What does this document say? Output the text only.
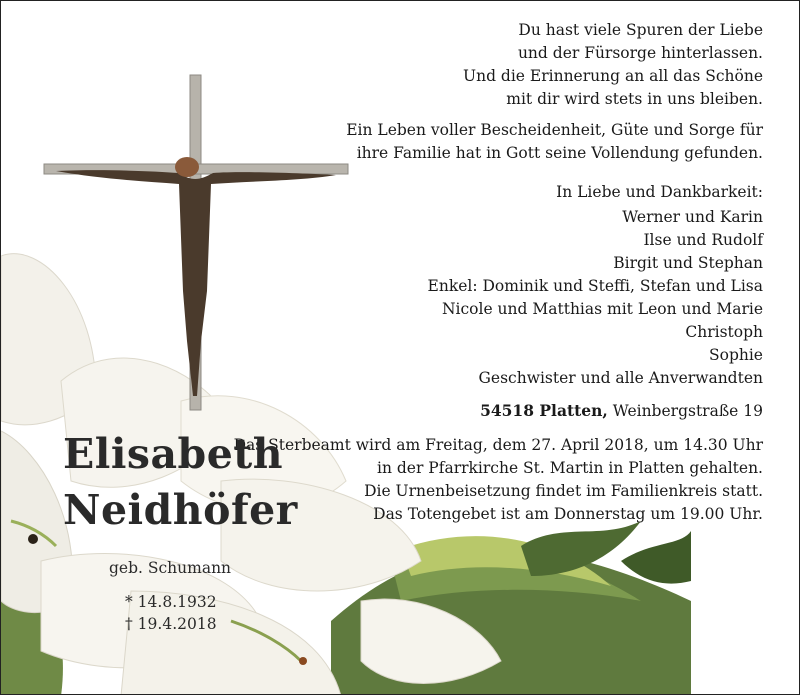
Du hast viele Spuren der Liebe
und der Fürsorge hinterlassen.
Und die Erinnerung an all das Schöne
mit dir wird stets in uns bleiben.
Ein Leben voller Bescheidenheit, Güte und Sorge für
ihre Familie hat in Gott seine Vollendung gefunden.
In Liebe und Dankbarkeit:
Werner und Karin
Ilse und Rudolf
Birgit und Stephan
Enkel: Dominik und Steffi, Stefan und Lisa
Nicole und Matthias mit Leon und Marie
Christoph
Sophie
Geschwister und alle Anverwandten
54518 Platten, Weinbergstraße 19
Das Sterbeamt wird am Freitag, dem 27. April 2018, um 14.30 Uhr
in der Pfarrkirche St. Martin in Platten gehalten.
Die Urnenbeisetzung findet im Familienkreis statt.
Das Totengebet ist am Donnerstag um 19.00 Uhr.
Elisabeth
Neidhöfer
geb. Schumann
* 14.8.1932
† 19.4.2018
